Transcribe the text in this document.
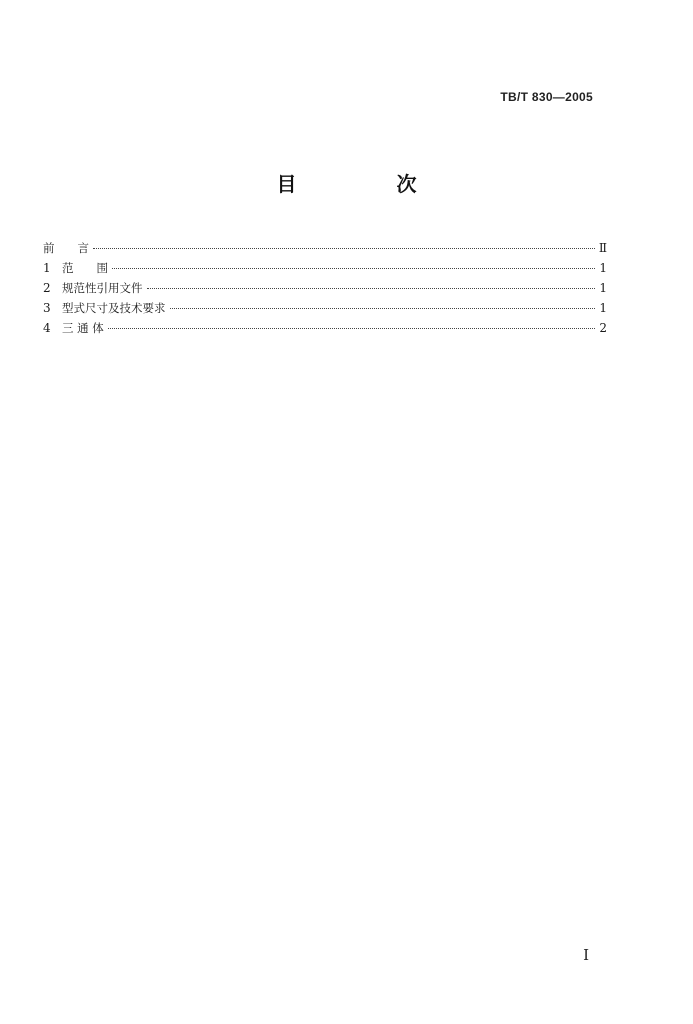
TB/T 830—2005
目　次
前　　言	Ⅱ
1 范　　围	1
2 规范性引用文件	1
3 型式尺寸及技术要求	1
4 三 通 体	2
I
